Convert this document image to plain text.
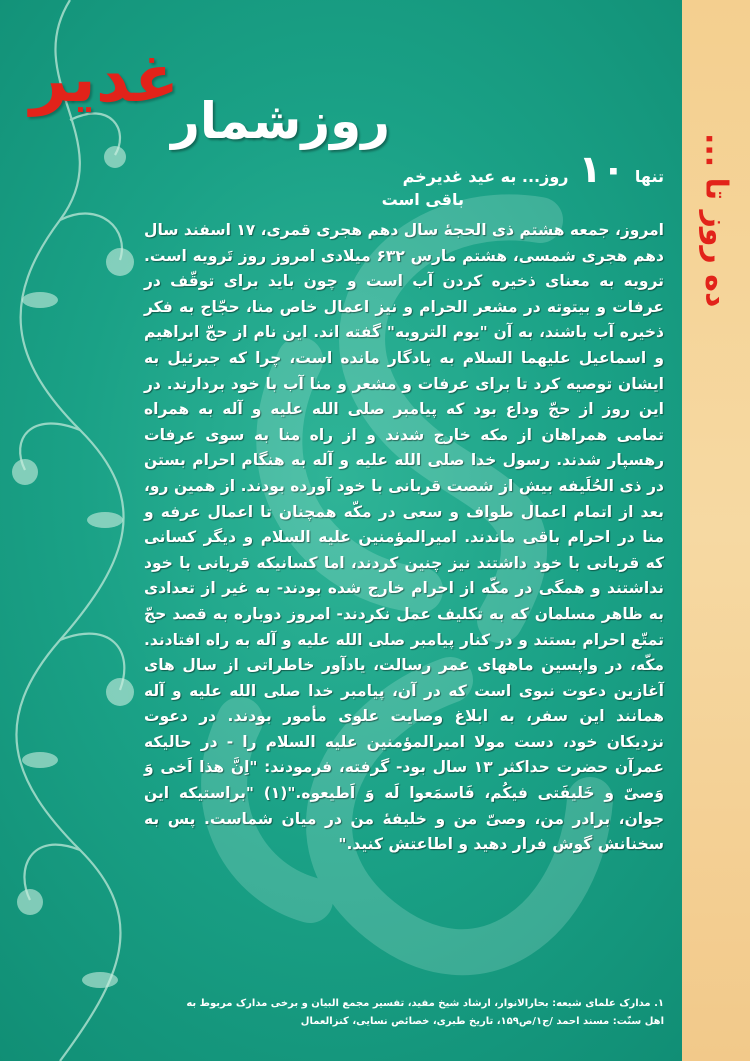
ده روز تا ...
غدیر
روزشمار
تنها
۱۰
روز... به عید غدیرخم
باقی است
امروز، جمعه هشتم ذی الحجهٔ سال دهم هجری قمری، ۱۷ اسفند سال دهم هجری شمسی، هشتم مارس ۶۳۲ میلادی امروز روز تَرویه است. ترویه به معنای ذخیره کردن آب است و چون باید برای توقّف در عرفات و بیتوته در مشعر الحرام و نیز اعمال خاص منا، حجّاج به فکر ذخیره آب باشند، به آن "یوم الترویه" گفته اند. این نام از حجّ ابراهیم و اسماعیل علیهما السلام به یادگار مانده است، چرا که جبرئیل به ایشان توصیه کرد تا برای عرفات و مشعر و منا آب با خود بردارند. در این روز از حجّ وداع بود که پیامبر صلی الله علیه و آله به همراه تمامی همراهان از مکه خارج شدند و از راه منا به سوی عرفات رهسپار شدند. رسول خدا صلی الله علیه و آله به هنگام احرام بستن در ذی الحُلَیفه بیش از شصت قربانی با خود آورده بودند. از همین رو، بعد از اتمام اعمال طواف و سعی در مکّه همچنان تا اعمال عرفه و منا در احرام باقی ماندند. امیرالمؤمنین علیه السلام و دیگر کسانی که قربانی با خود داشتند نیز چنین کردند، اما کسانیکه قربانی با خود نداشتند و همگی در مکّه از احرام خارج شده بودند- به غیر از تعدادی به ظاهر مسلمان که به تکلیف عمل نکردند- امروز دوباره به قصد حجّ تمتّع احرام بستند و در کنار پیامبر صلی الله علیه و آله به راه افتادند. مکّه، در واپسین ماههای عمر رسالت، یادآور خاطراتی از سال های آغازین دعوت نبوی است که در آن، پیامبر خدا صلی الله علیه و آله همانند این سفر، به ابلاغ وصایت علوی مأمور بودند. در دعوت نزدیکان خود، دست مولا امیرالمؤمنین علیه السلام را - در حالیکه عمرآن حضرت حداکثر ۱۳ سال بود- گرفته، فرمودند: "اِنَّ هذا اَخی وَ وَصیّ و خَلیفَتی فیکُم، فَاسمَعوا لَه وَ اَطیعوه."(۱) "براستیکه این جوان، برادر من، وصیّ من و خلیفهٔ من در میان شماست. پس به سخنانش گوش فرار دهید و اطاعتش کنید."
۱. مدارک علمای شیعه: بحارالانوار، ارشاد شیخ مفید، تفسیر مجمع البیان و برخی مدارک مربوط به
اهل سنّت: مسند احمد /ج۱/ص۱۵۹، تاریخ طبری، خصائص نسایی، کنزالعمال
